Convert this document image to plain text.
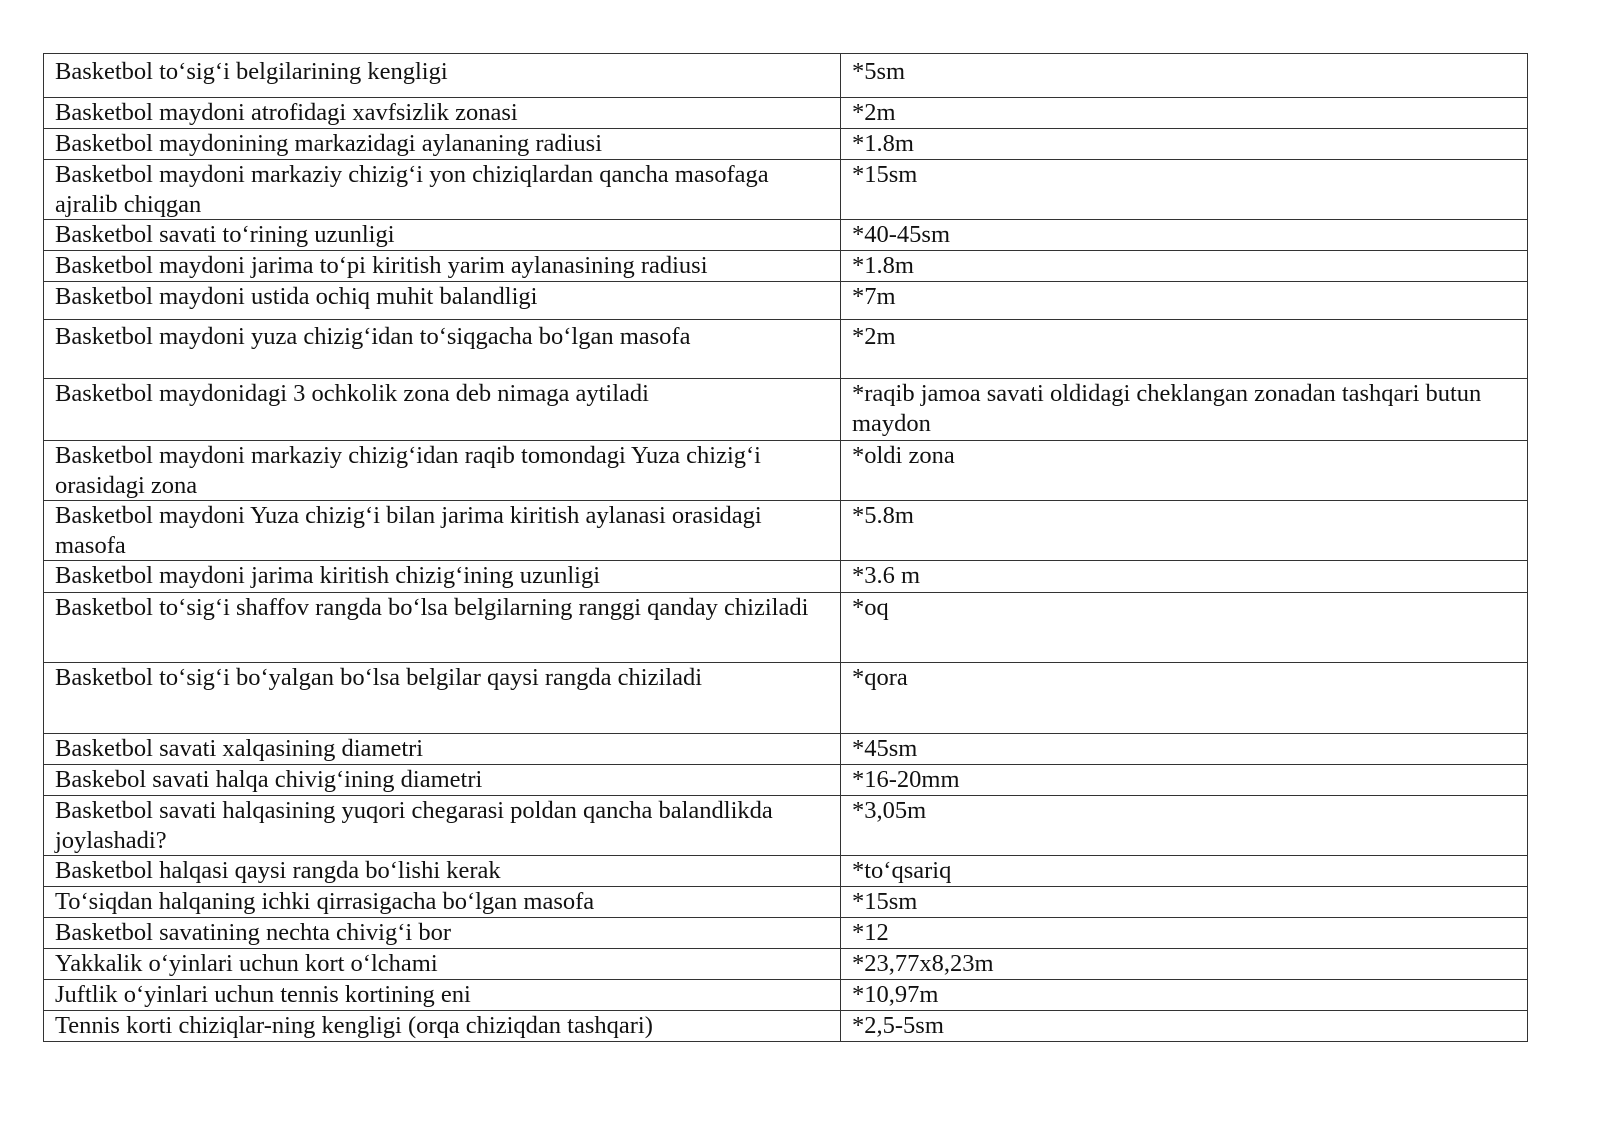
Basketbol to‘sig‘i belgilarining kengligi	*5sm
Basketbol maydoni atrofidagi xavfsizlik zonasi	*2m
Basketbol maydonining markazidagi aylananing radiusi	*1.8m
Basketbol maydoni markaziy chizig‘i yon chiziqlardan qancha masofaga ajralib chiqgan	*15sm
Basketbol savati to‘rining uzunligi	*40-45sm
Basketbol maydoni jarima to‘pi kiritish yarim aylanasining radiusi	*1.8m
Basketbol maydoni ustida ochiq muhit balandligi	*7m
Basketbol maydoni yuza chizig‘idan to‘siqgacha bo‘lgan masofa	*2m
Basketbol maydonidagi 3 ochkolik zona deb nimaga aytiladi	*raqib jamoa savati oldidagi cheklangan zonadan tashqari butun maydon
Basketbol maydoni markaziy chizig‘idan raqib tomondagi Yuza chizig‘i orasidagi zona	*oldi zona
Basketbol maydoni Yuza chizig‘i bilan jarima kiritish aylanasi orasidagi masofa	*5.8m
Basketbol maydoni jarima kiritish chizig‘ining uzunligi	*3.6 m
Basketbol to‘sig‘i shaffov rangda bo‘lsa belgilarning ranggi qanday chiziladi	*oq
Basketbol to‘sig‘i bo‘yalgan bo‘lsa belgilar qaysi rangda chiziladi	*qora
Basketbol savati xalqasining diametri	*45sm
Baskebol savati halqa chivig‘ining diametri	*16-20mm
Basketbol savati halqasining yuqori chegarasi poldan qancha balandlikda joylashadi?	*3,05m
Basketbol halqasi qaysi rangda bo‘lishi kerak	*to‘qsariq
To‘siqdan halqaning ichki qirrasigacha bo‘lgan masofa	*15sm
Basketbol savatining nechta chivig‘i bor	*12
Yakkalik o‘yinlari uchun kort o‘lchami	*23,77x8,23m
Juftlik o‘yinlari uchun tennis kortining eni	*10,97m
Tennis korti chiziqlar-ning kengligi (orqa chiziqdan tashqari)	*2,5-5sm
